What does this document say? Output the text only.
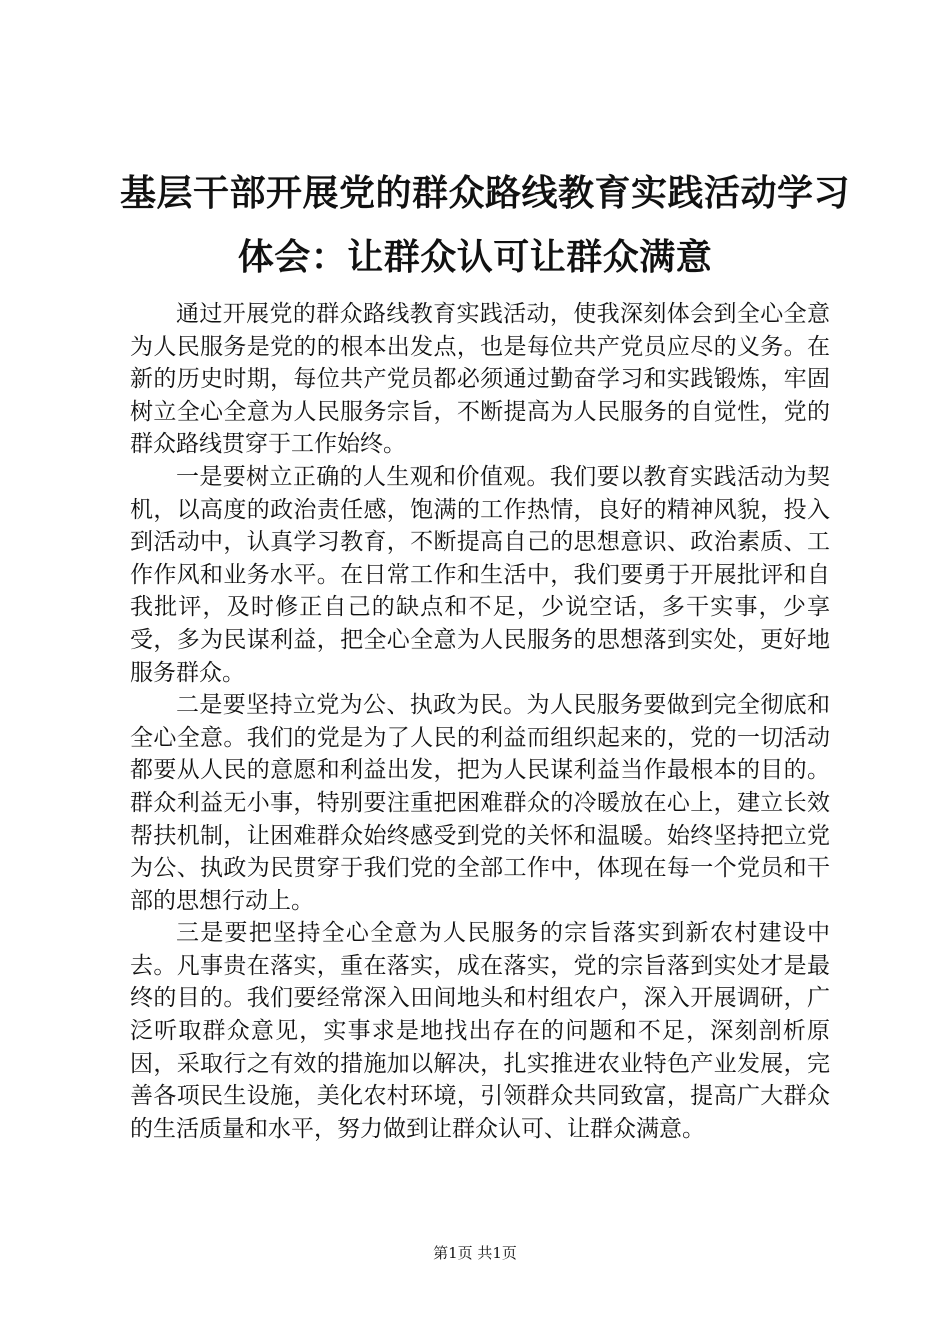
基层干部开展党的群众路线教育实践活动学习
体会：让群众认可让群众满意

通过开展党的群众路线教育实践活动，使我深刻体会到全心全意为人民服务是党的的根本出发点，也是每位共产党员应尽的义务。在新的历史时期，每位共产党员都必须通过勤奋学习和实践锻炼，牢固树立全心全意为人民服务宗旨，不断提高为人民服务的自觉性，党的群众路线贯穿于工作始终。

一是要树立正确的人生观和价值观。我们要以教育实践活动为契机，以高度的政治责任感，饱满的工作热情，良好的精神风貌，投入到活动中，认真学习教育，不断提高自己的思想意识、政治素质、工作作风和业务水平。在日常工作和生活中，我们要勇于开展批评和自我批评，及时修正自己的缺点和不足，少说空话，多干实事，少享受，多为民谋利益，把全心全意为人民服务的思想落到实处，更好地服务群众。

二是要坚持立党为公、执政为民。为人民服务要做到完全彻底和全心全意。我们的党是为了人民的利益而组织起来的，党的一切活动都要从人民的意愿和利益出发，把为人民谋利益当作最根本的目的。群众利益无小事，特别要注重把困难群众的冷暖放在心上，建立长效帮扶机制，让困难群众始终感受到党的关怀和温暖。始终坚持把立党为公、执政为民贯穿于我们党的全部工作中，体现在每一个党员和干部的思想行动上。

三是要把坚持全心全意为人民服务的宗旨落实到新农村建设中去。凡事贵在落实，重在落实，成在落实，党的宗旨落到实处才是最终的目的。我们要经常深入田间地头和村组农户，深入开展调研，广泛听取群众意见，实事求是地找出存在的问题和不足，深刻剖析原因，采取行之有效的措施加以解决，扎实推进农业特色产业发展，完善各项民生设施，美化农村环境，引领群众共同致富，提高广大群众的生活质量和水平，努力做到让群众认可、让群众满意。

第1页 共1页
